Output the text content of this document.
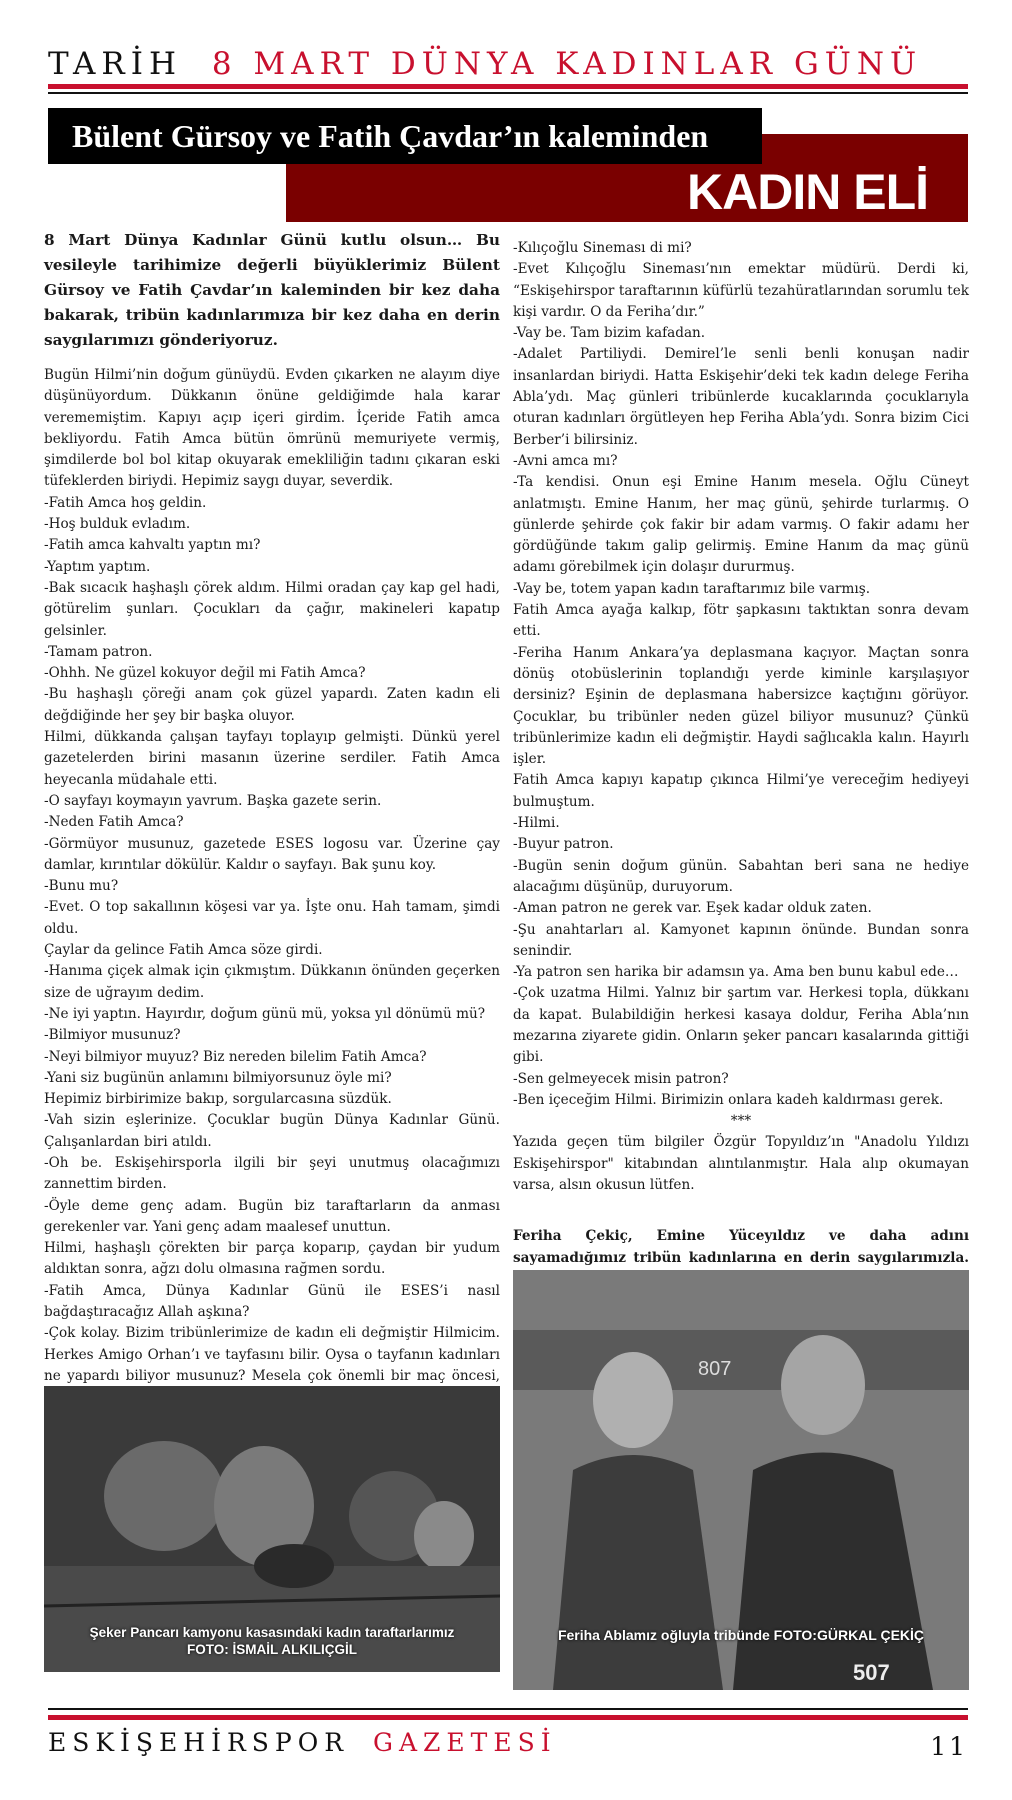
TARİH 8 MART DÜNYA KADINLAR GÜNÜ
Bülent Gürsoy ve Fatih Çavdar’ın kaleminden
KADIN ELİ

8 Mart Dünya Kadınlar Günü kutlu olsun… Bu vesileyle tarihimize değerli büyüklerimiz Bülent Gürsoy ve Fatih Çavdar’ın kaleminden bir kez daha bakarak, tribün kadınlarımıza bir kez daha en derin saygılarımızı gönderiyoruz.

Bugün Hilmi’nin doğum günüydü. Evden çıkarken ne alayım diye düşünüyordum. Dükkanın önüne geldiğimde hala karar verememiştim. Kapıyı açıp içeri girdim. İçeride Fatih amca bekliyordu. Fatih Amca bütün ömrünü memuriyete vermiş, şimdilerde bol bol kitap okuyarak emekliliğin tadını çıkaran eski tüfeklerden biriydi. Hepimiz saygı duyar, severdik.

-Fatih Amca hoş geldin.

-Hoş bulduk evladım.

-Fatih amca kahvaltı yaptın mı?

-Yaptım yaptım.

-Bak sıcacık haşhaşlı çörek aldım. Hilmi oradan çay kap gel hadi, götürelim şunları. Çocukları da çağır, makineleri kapatıp gelsinler.

-Tamam patron.

-Ohhh. Ne güzel kokuyor değil mi Fatih Amca?

-Bu haşhaşlı çöreği anam çok güzel yapardı. Zaten kadın eli değdiğinde her şey bir başka oluyor.

Hilmi, dükkanda çalışan tayfayı toplayıp gelmişti. Dünkü yerel gazetelerden birini masanın üzerine serdiler. Fatih Amca heyecanla müdahale etti.

-O sayfayı koymayın yavrum. Başka gazete serin.

-Neden Fatih Amca?

-Görmüyor musunuz, gazetede ESES logosu var. Üzerine çay damlar, kırıntılar dökülür. Kaldır o sayfayı. Bak şunu koy.

-Bunu mu?

-Evet. O top sakallının köşesi var ya. İşte onu. Hah tamam, şimdi oldu.

Çaylar da gelince Fatih Amca söze girdi.

-Hanıma çiçek almak için çıkmıştım. Dükkanın önünden geçerken size de uğrayım dedim.

-Ne iyi yaptın. Hayırdır, doğum günü mü, yoksa yıl dönümü mü?

-Bilmiyor musunuz?

-Neyi bilmiyor muyuz? Biz nereden bilelim Fatih Amca?

-Yani siz bugünün anlamını bilmiyorsunuz öyle mi?

Hepimiz birbirimize bakıp, sorgularcasına süzdük.

-Vah sizin eşlerinize. Çocuklar bugün Dünya Kadınlar Günü. Çalışanlardan biri atıldı.

-Oh be. Eskişehirsporla ilgili bir şeyi unutmuş olacağımızı zannettim birden.

-Öyle deme genç adam. Bugün biz taraftarların da anması gerekenler var. Yani genç adam maalesef unuttun.

Hilmi, haşhaşlı çörekten bir parça koparıp, çaydan bir yudum aldıktan sonra, ağzı dolu olmasına rağmen sordu.

-Fatih Amca, Dünya Kadınlar Günü ile ESES’i nasıl bağdaştıracağız Allah aşkına?

-Çok kolay. Bizim tribünlerimize de kadın eli değmiştir Hilmicim. Herkes Amigo Orhan’ı ve tayfasını bilir. Oysa o tayfanın kadınları ne yapardı biliyor musunuz? Mesela çok önemli bir maç öncesi,

-Kılıçoğlu Sineması di mi?

-Evet Kılıçoğlu Sineması’nın emektar müdürü. Derdi ki, “Eskişehirspor taraftarının küfürlü tezahüratlarından sorumlu tek kişi vardır. O da Feriha’dır.”

-Vay be. Tam bizim kafadan.

-Adalet Partiliydi. Demirel’le senli benli konuşan nadir insanlardan biriydi. Hatta Eskişehir’deki tek kadın delege Feriha Abla’ydı. Maç günleri tribünlerde kucaklarında çocuklarıyla oturan kadınları örgütleyen hep Feriha Abla’ydı. Sonra bizim Cici Berber’i bilirsiniz.

-Avni amca mı?

-Ta kendisi. Onun eşi Emine Hanım mesela. Oğlu Cüneyt anlatmıştı. Emine Hanım, her maç günü, şehirde turlarmış. O günlerde şehirde çok fakir bir adam varmış. O fakir adamı her gördüğünde takım galip gelirmiş. Emine Hanım da maç günü adamı görebilmek için dolaşır dururmuş.

-Vay be, totem yapan kadın taraftarımız bile varmış.

Fatih Amca ayağa kalkıp, fötr şapkasını taktıktan sonra devam etti.

-Feriha Hanım Ankara’ya deplasmana kaçıyor. Maçtan sonra dönüş otobüslerinin toplandığı yerde kiminle karşılaşıyor dersiniz? Eşinin de deplasmana habersizce kaçtığını görüyor. Çocuklar, bu tribünler neden güzel biliyor musunuz? Çünkü tribünlerimize kadın eli değmiştir. Haydi sağlıcakla kalın. Hayırlı işler.

Fatih Amca kapıyı kapatıp çıkınca Hilmi’ye vereceğim hediyeyi bulmuştum.

-Hilmi.

-Buyur patron.

-Bugün senin doğum günün. Sabahtan beri sana ne hediye alacağımı düşünüp, duruyorum.

-Aman patron ne gerek var. Eşek kadar olduk zaten.

-Şu anahtarları al. Kamyonet kapının önünde. Bundan sonra senindir.

-Ya patron sen harika bir adamsın ya. Ama ben bunu kabul ede…

-Çok uzatma Hilmi. Yalnız bir şartım var. Herkesi topla, dükkanı da kapat. Bulabildiğin herkesi kasaya doldur, Feriha Abla’nın mezarına ziyarete gidin. Onların şeker pancarı kasalarında gittiği gibi.

-Sen gelmeyecek misin patron?

-Ben içeceğim Hilmi. Birimizin onlara kadeh kaldırması gerek.

***

Yazıda geçen tüm bilgiler Özgür Topyıldız’ın "Anadolu Yıldızı Eskişehirspor" kitabından alıntılanmıştır. Hala alıp okumayan varsa, alsın okusun lütfen.

Feriha Çekiç, Emine Yüceyıldız ve daha adını sayamadığımız tribün kadınlarına en derin saygılarımızla.

Şeker Pancarı kamyonu kasasındaki kadın taraftarlarımız
FOTO: İSMAİL ALKILIÇGİL
807
507
Feriha Ablamız oğluyla tribünde FOTO:GÜRKAL ÇEKİÇ
ESKİŞEHİRSPOR GAZETESİ	11
